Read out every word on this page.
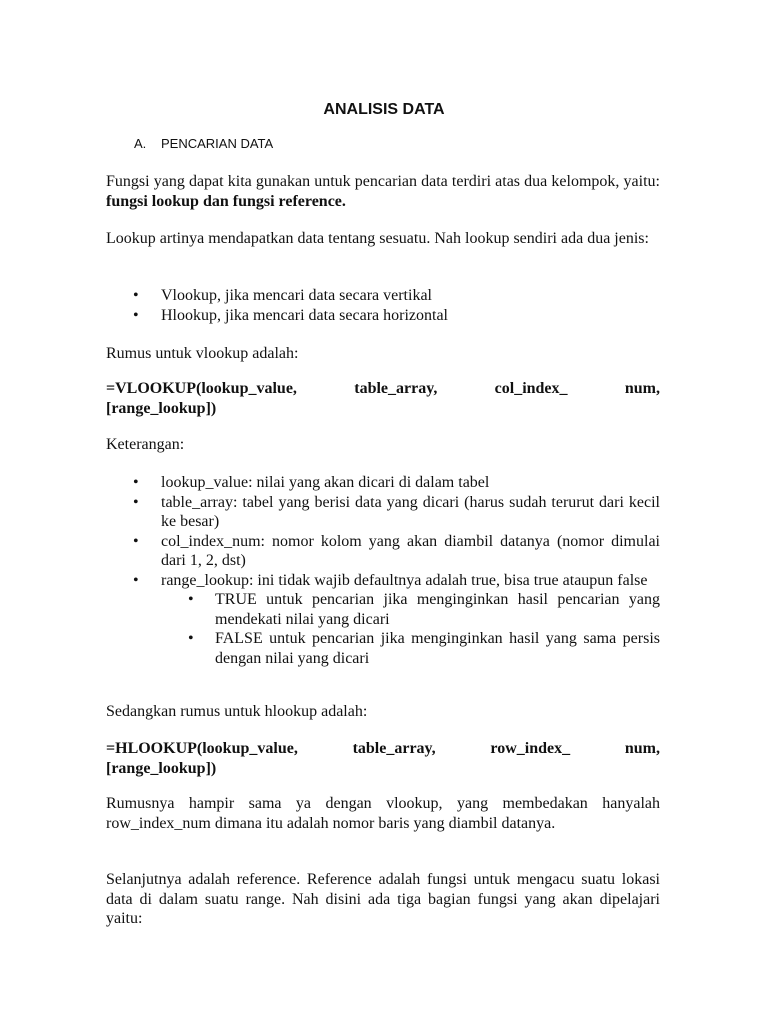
ANALISIS DATA
A. PENCARIAN DATA
Fungsi yang dapat kita gunakan untuk pencarian data terdiri atas dua kelompok, yaitu: fungsi lookup dan fungsi reference.
Lookup artinya mendapatkan data tentang sesuatu. Nah lookup sendiri ada dua jenis:
• Vlookup, jika mencari data secara vertikal
• Hlookup, jika mencari data secara horizontal
Rumus untuk vlookup adalah:
=VLOOKUP(lookup_value,	table_array,	col_index_	num,
[range_lookup])
Keterangan:
• lookup_value: nilai yang akan dicari di dalam tabel
• table_array: tabel yang berisi data yang dicari (harus sudah terurut dari kecil ke besar)
• col_index_num: nomor kolom yang akan diambil datanya (nomor dimulai dari 1, 2, dst)
• range_lookup: ini tidak wajib defaultnya adalah true, bisa true ataupun false
• TRUE untuk pencarian jika menginginkan hasil pencarian yang mendekati nilai yang dicari
• FALSE untuk pencarian jika menginginkan hasil yang sama persis dengan nilai yang dicari
Sedangkan rumus untuk hlookup adalah:
=HLOOKUP(lookup_value,	table_array,	row_index_	num,
[range_lookup])
Rumusnya hampir sama ya dengan vlookup, yang membedakan hanyalah row_index_num dimana itu adalah nomor baris yang diambil datanya.
Selanjutnya adalah reference. Reference adalah fungsi untuk mengacu suatu lokasi data di dalam suatu range. Nah disini ada tiga bagian fungsi yang akan dipelajari yaitu:
